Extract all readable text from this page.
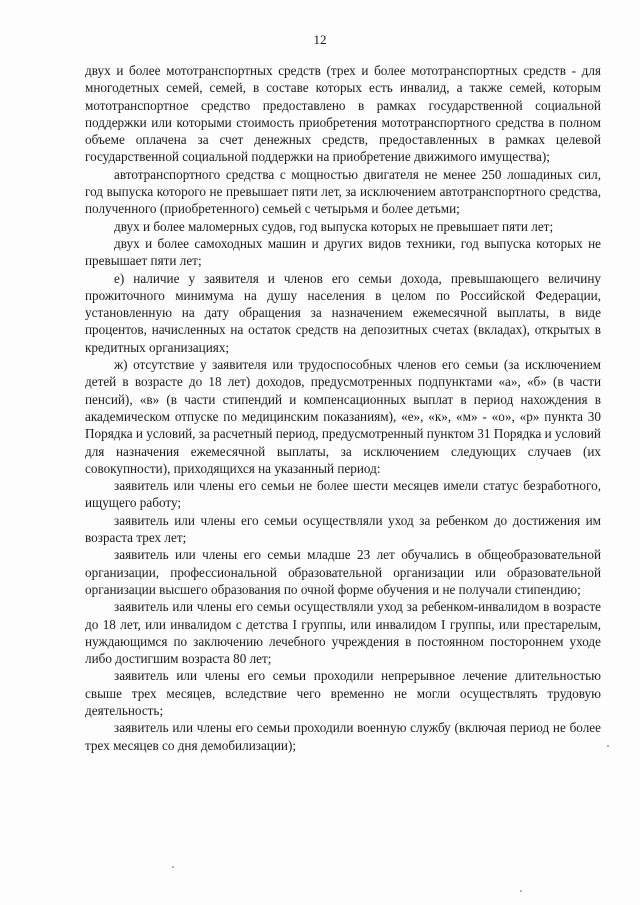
12

двух и более мототранспортных средств (трех и более мототранспортных средств - для многодетных семей, семей, в составе которых есть инвалид, а также семей, которым мототранспортное средство предоставлено в рамках государственной социальной поддержки или которыми стоимость приобретения мототранспортного средства в полном объеме оплачена за счет денежных средств, предоставленных в рамках целевой государственной социальной поддержки на приобретение движимого имущества);

автотранспортного средства с мощностью двигателя не менее 250 лошадиных сил, год выпуска которого не превышает пяти лет, за исключением автотранспортного средства, полученного (приобретенного) семьей с четырьмя и более детьми;

двух и более маломерных судов, год выпуска которых не превышает пяти лет;

двух и более самоходных машин и других видов техники, год выпуска которых не превышает пяти лет;

е) наличие у заявителя и членов его семьи дохода, превышающего величину прожиточного минимума на душу населения в целом по Российской Федерации, установленную на дату обращения за назначением ежемесячной выплаты, в виде процентов, начисленных на остаток средств на депозитных счетах (вкладах), открытых в кредитных организациях;

ж) отсутствие у заявителя или трудоспособных членов его семьи (за исключением детей в возрасте до 18 лет) доходов, предусмотренных подпунктами «а», «б» (в части пенсий), «в» (в части стипендий и компенсационных выплат в период нахождения в академическом отпуске по медицинским показаниям), «е», «к», «м» - «о», «р» пункта 30 Порядка и условий, за расчетный период, предусмотренный пунктом 31 Порядка и условий для назначения ежемесячной выплаты, за исключением следующих случаев (их совокупности), приходящихся на указанный период:

заявитель или члены его семьи не более шести месяцев имели статус безработного, ищущего работу;

заявитель или члены его семьи осуществляли уход за ребенком до достижения им возраста трех лет;

заявитель или члены его семьи младше 23 лет обучались в общеобразовательной организации, профессиональной образовательной организации или образовательной организации высшего образования по очной форме обучения и не получали стипендию;

заявитель или члены его семьи осуществляли уход за ребенком-инвалидом в возрасте до 18 лет, или инвалидом с детства I группы, или инвалидом I группы, или престарелым, нуждающимся по заключению лечебного учреждения в постоянном постороннем уходе либо достигшим возраста 80 лет;

заявитель или члены его семьи проходили непрерывное лечение длительностью свыше трех месяцев, вследствие чего временно не могли осуществлять трудовую деятельность;

заявитель или члены его семьи проходили военную службу (включая период не более трех месяцев со дня демобилизации);
